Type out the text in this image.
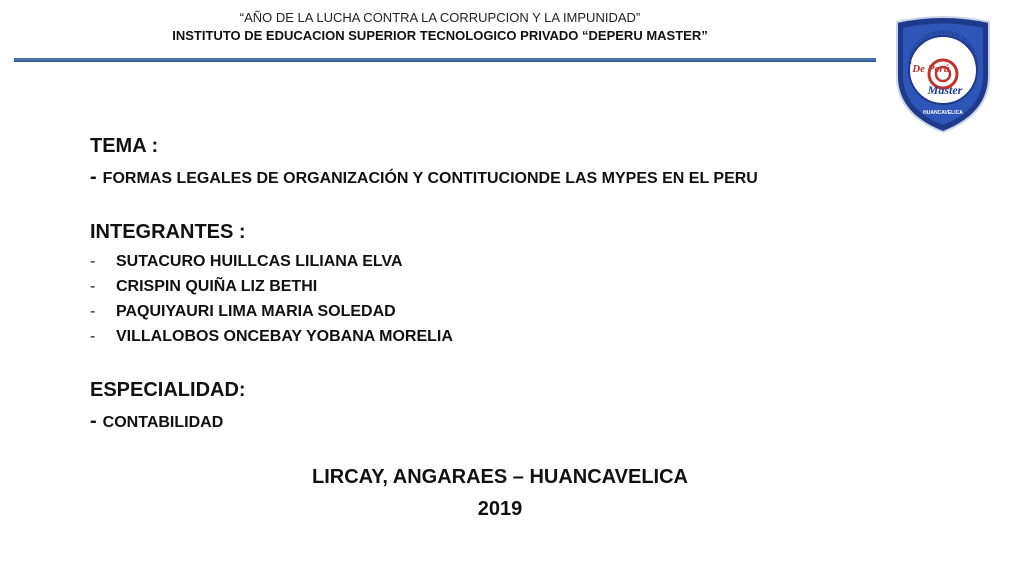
“AÑO DE LA LUCHA CONTRA LA CORRUPCION Y LA IMPUNIDAD”
INSTITUTO DE EDUCACION SUPERIOR TECNOLOGICO PRIVADO “DEPERU MASTER”
E EDUCACIÓN SUPERIOR TECNOLOGI
De Perú
Master
HUANCAVELICA
TEMA :
- FORMAS LEGALES DE ORGANIZACIÓN Y CONTITUCIONDE LAS MYPES EN EL PERU
INTEGRANTES :
-	SUTACURO HUILLCAS LILIANA ELVA
-	CRISPIN QUIÑA LIZ BETHI
-	PAQUIYAURI LIMA MARIA SOLEDAD
-	VILLALOBOS ONCEBAY YOBANA MORELIA
ESPECIALIDAD:
- CONTABILIDAD
LIRCAY, ANGARAES – HUANCAVELICA
2019
